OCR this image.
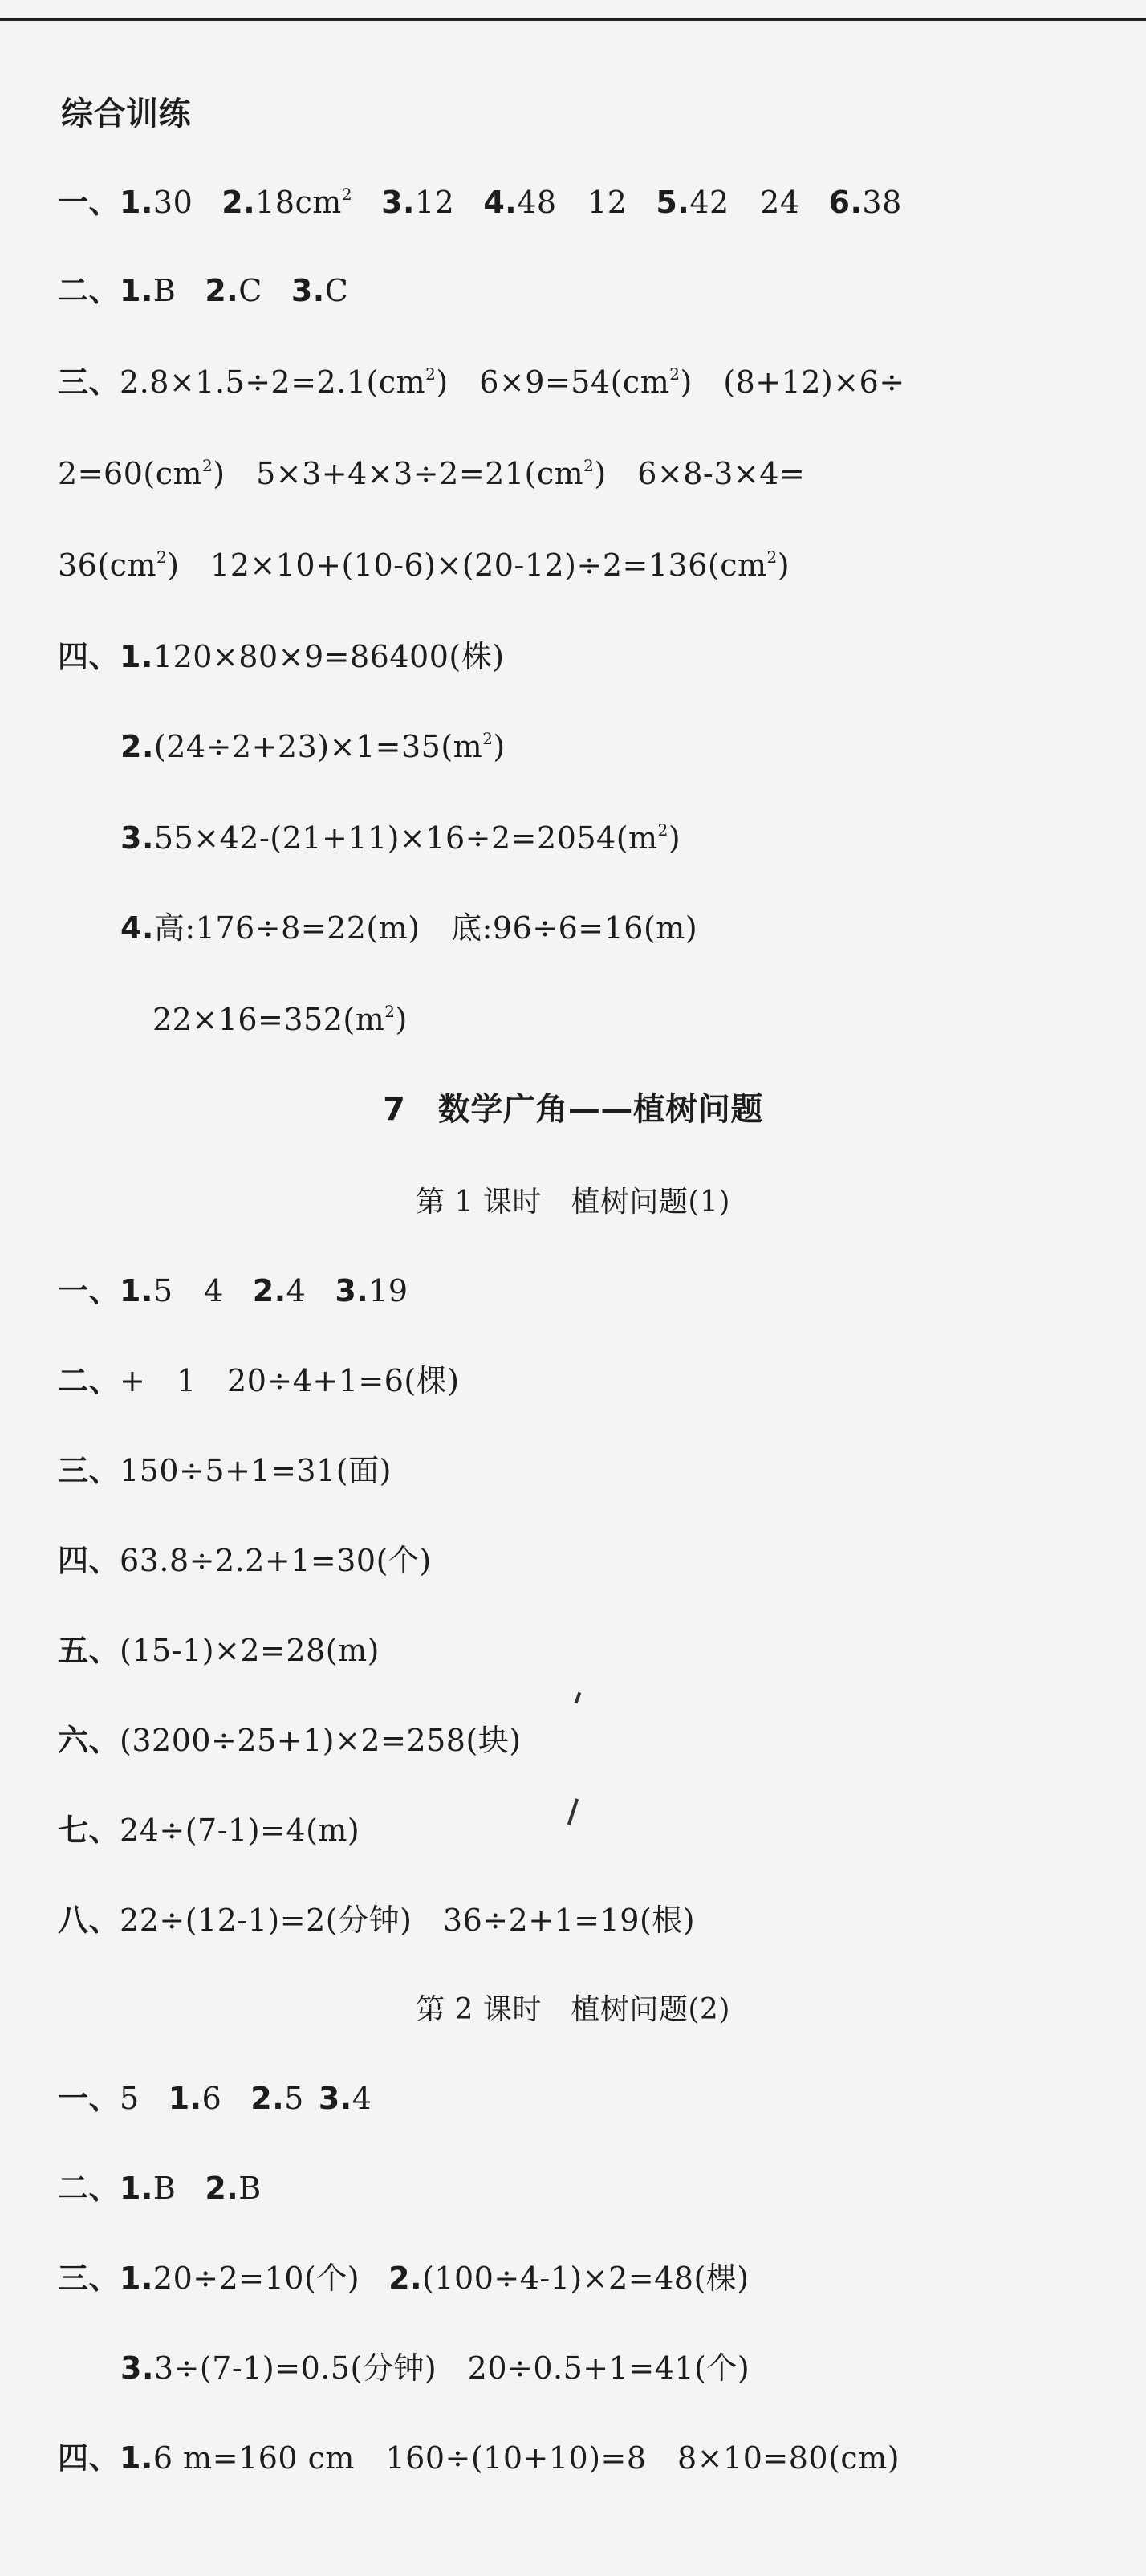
综合训练
一、1.30 $2.18cm^2$ 3.12 4.48　12 5.42　24 6.38
二、1.B 2.C 3.C
三、$2.8\times 1.5\div 2=2.1(cm^2)$　$6\times 9=54(cm^2)$　(8+12)×6÷
$2=60(cm^2)$　$5\times 3+4\times 3\div 2=21(cm^2)$　6×8-3×4=
$36(cm^2)$　$12\times 10+(10-6)\times(20-12)\div 2=136(cm^2)$
四、1.120×80×9=86400(株)
$2.(24\div 2+23)\times 1=35(m^2)$
$3.55\times 42-(21+11)\times 16\div 2=2054(m^2)$
4.高:176÷8=22(m)　底:96÷6=16(m)
$22\times 16=352(m^2)$
7　数学广角——植树问题
第 1 课时　植树问题(1)
一、1.5　4 2.4 3.19
二、+　1　20÷4+1=6(棵)
三、150÷5+1=31(面)
四、63.8÷2.2+1=30(个)
五、(15-1)×2=28(m)
六、(3200÷25+1)×2=258(块)
七、24÷(7-1)=4(m)
八、22÷(12-1)=2(分钟)　36÷2+1=19(根)
第 2 课时　植树问题(2)
一、5 1.6 2.5 3.4
二、1.B 2.B
三、1.20÷2=10(个) 2.(100÷4-1)×2=48(棵)
3.3÷(7-1)=0.5(分钟)　20÷0.5+1=41(个)
四、1.6 m=160 cm　160÷(10+10)=8　8×10=80(cm)
